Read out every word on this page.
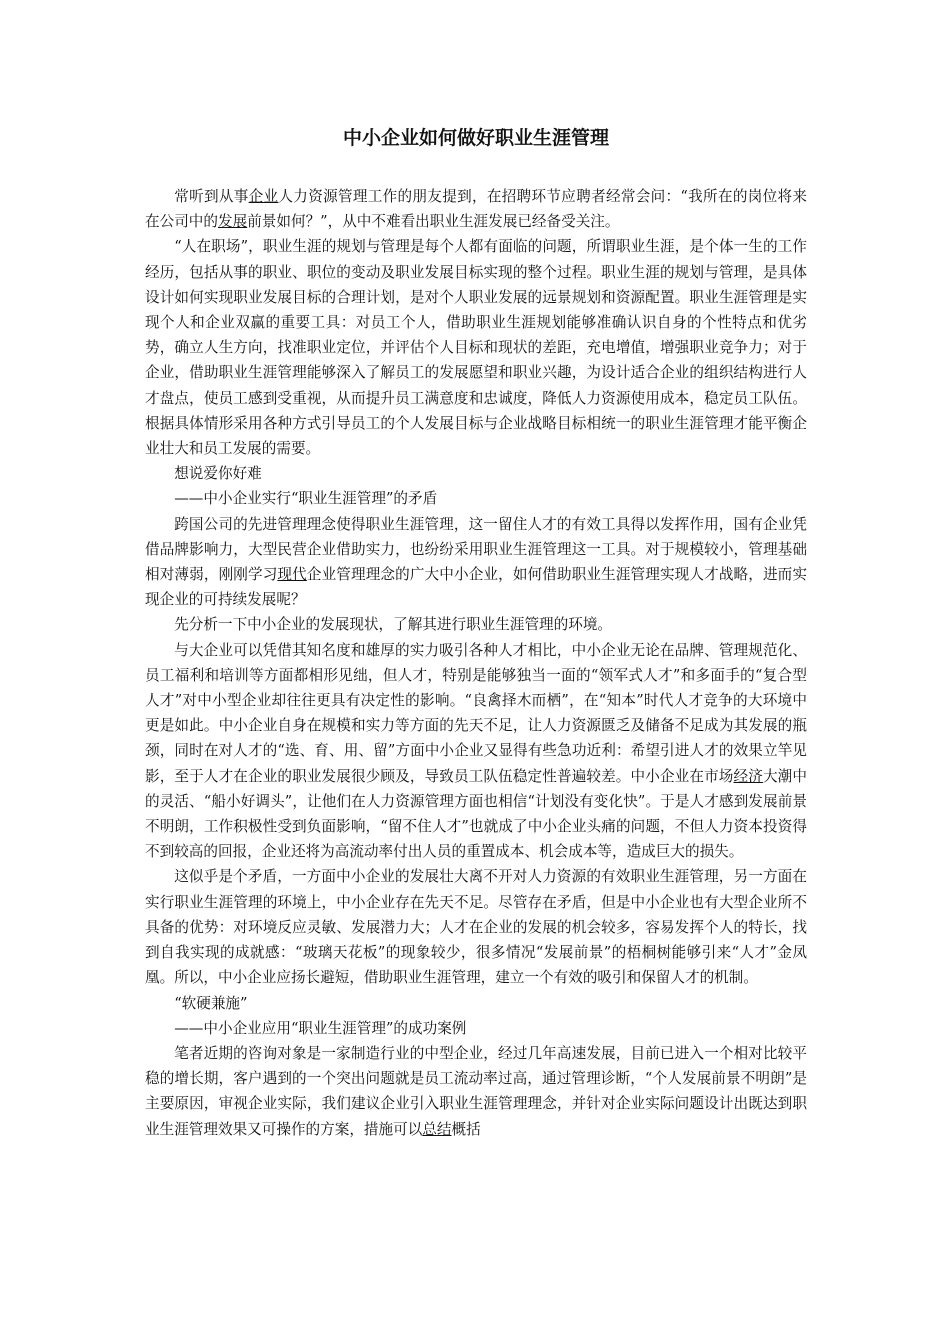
中小企业如何做好职业生涯管理

常听到从事企业人力资源管理工作的朋友提到，在招聘环节应聘者经常会问：“我所在的岗位将来在公司中的发展前景如何？”，从中不难看出职业生涯发展已经备受关注。

“人在职场”，职业生涯的规划与管理是每个人都有面临的问题，所谓职业生涯，是个体一生的工作经历，包括从事的职业、职位的变动及职业发展目标实现的整个过程。职业生涯的规划与管理，是具体设计如何实现职业发展目标的合理计划，是对个人职业发展的远景规划和资源配置。职业生涯管理是实现个人和企业双赢的重要工具：对员工个人，借助职业生涯规划能够准确认识自身的个性特点和优劣势，确立人生方向，找准职业定位，并评估个人目标和现状的差距，充电增值，增强职业竞争力；对于企业，借助职业生涯管理能够深入了解员工的发展愿望和职业兴趣，为设计适合企业的组织结构进行人才盘点，使员工感到受重视，从而提升员工满意度和忠诚度，降低人力资源使用成本，稳定员工队伍。根据具体情形采用各种方式引导员工的个人发展目标与企业战略目标相统一的职业生涯管理才能平衡企业壮大和员工发展的需要。

想说爱你好难

——中小企业实行“职业生涯管理”的矛盾

跨国公司的先进管理理念使得职业生涯管理，这一留住人才的有效工具得以发挥作用，国有企业凭借品牌影响力，大型民营企业借助实力，也纷纷采用职业生涯管理这一工具。对于规模较小，管理基础相对薄弱，刚刚学习现代企业管理理念的广大中小企业，如何借助职业生涯管理实现人才战略，进而实现企业的可持续发展呢？

先分析一下中小企业的发展现状，了解其进行职业生涯管理的环境。

与大企业可以凭借其知名度和雄厚的实力吸引各种人才相比，中小企业无论在品牌、管理规范化、员工福利和培训等方面都相形见绌，但人才，特别是能够独当一面的“领军式人才”和多面手的“复合型人才”对中小型企业却往往更具有决定性的影响。“良禽择木而栖”，在“知本”时代人才竞争的大环境中更是如此。中小企业自身在规模和实力等方面的先天不足，让人力资源匮乏及储备不足成为其发展的瓶颈，同时在对人才的“选、育、用、留”方面中小企业又显得有些急功近利：希望引进人才的效果立竿见影，至于人才在企业的职业发展很少顾及，导致员工队伍稳定性普遍较差。中小企业在市场经济大潮中的灵活、“船小好调头”，让他们在人力资源管理方面也相信“计划没有变化快”。于是人才感到发展前景不明朗，工作积极性受到负面影响，“留不住人才”也就成了中小企业头痛的问题，不但人力资本投资得不到较高的回报，企业还将为高流动率付出人员的重置成本、机会成本等，造成巨大的损失。

这似乎是个矛盾，一方面中小企业的发展壮大离不开对人力资源的有效职业生涯管理，另一方面在实行职业生涯管理的环境上，中小企业存在先天不足。尽管存在矛盾，但是中小企业也有大型企业所不具备的优势：对环境反应灵敏、发展潜力大；人才在企业的发展的机会较多，容易发挥个人的特长，找到自我实现的成就感：“玻璃天花板”的现象较少，很多情况“发展前景”的梧桐树能够引来“人才”金凤凰。所以，中小企业应扬长避短，借助职业生涯管理，建立一个有效的吸引和保留人才的机制。

“软硬兼施”

——中小企业应用“职业生涯管理”的成功案例

笔者近期的咨询对象是一家制造行业的中型企业，经过几年高速发展，目前已进入一个相对比较平稳的增长期，客户遇到的一个突出问题就是员工流动率过高，通过管理诊断，“个人发展前景不明朗”是主要原因，审视企业实际，我们建议企业引入职业生涯管理理念，并针对企业实际问题设计出既达到职业生涯管理效果又可操作的方案，措施可以总结概括
